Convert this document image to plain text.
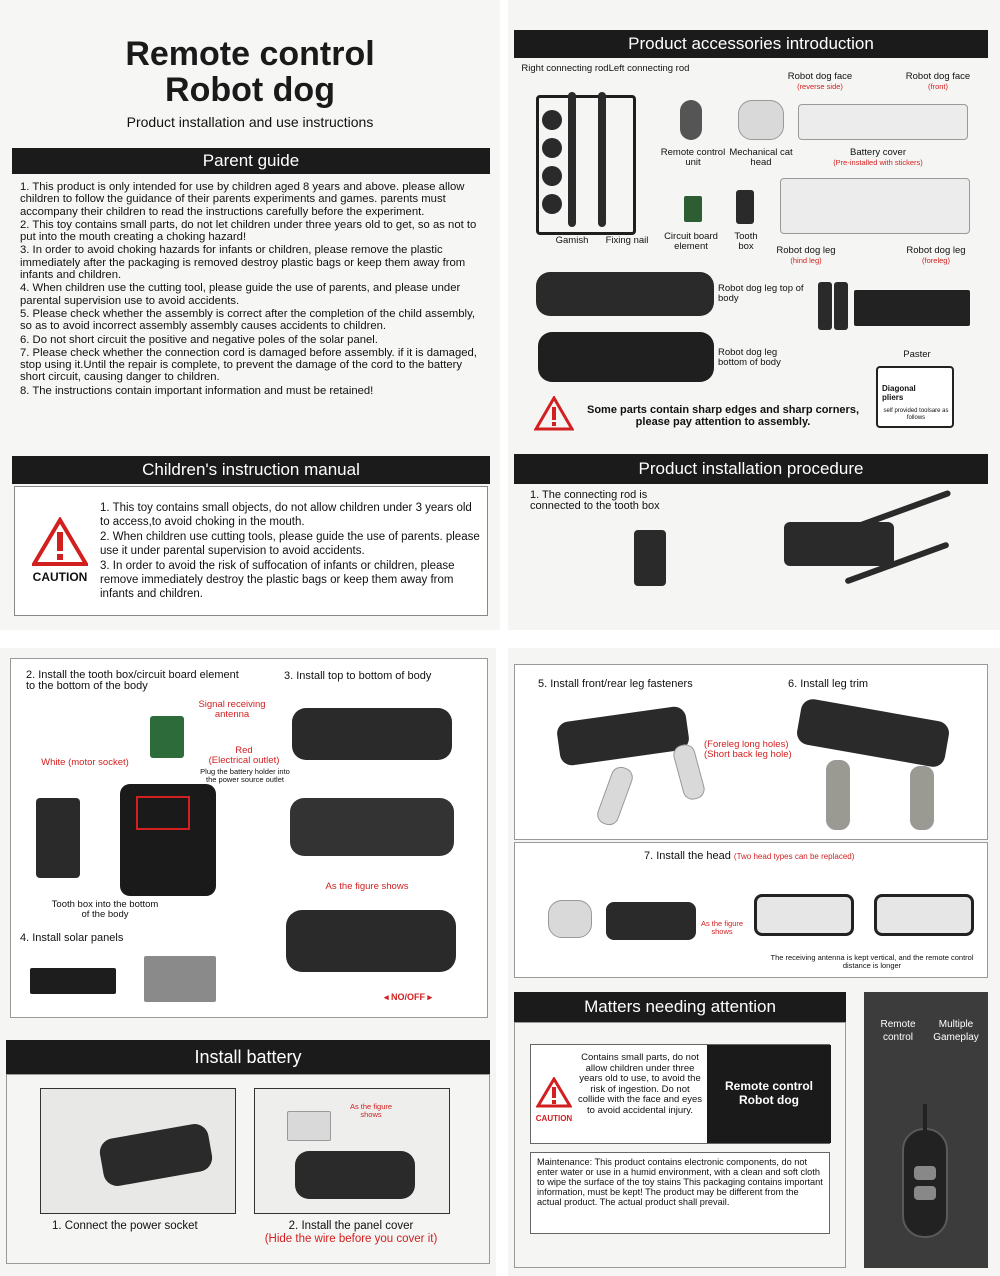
Remote control
Robot dog
Product installation and use instructions
Parent guide
1. This product is only intended for use by children aged 8 years and above. please allow children to follow the guidance of their parents experiments and games. parents must accompany their children to read the instructions carefully before the experiment.
2. This toy contains small parts, do not let children under three years old to get, so as not to put into the mouth creating a choking hazard!
3. In order to avoid choking hazards for infants or children, please remove the plastic immediately after the packaging is removed destroy plastic bags or keep them away from infants and children.
4. When children use the cutting tool, please guide the use of parents, and please under parental supervision use to avoid accidents.
5. Please check whether the assembly is correct after the completion of the child assembly, so as to avoid incorrect assembly assembly causes accidents to children.
6. Do not short circuit the positive and negative poles of the solar panel.
7. Please check whether the connection cord is damaged before assembly. if it is damaged, stop using it.Until the repair is complete, to prevent the damage of the cord to the battery short circuit, causing danger to children.
8. The instructions contain important information and must be retained!
Children's instruction manual
CAUTION
1. This toy contains small objects, do not allow children under 3 years old to access,to avoid choking in the mouth.
2. When children use cutting tools, please guide the use of parents. please use it under parental supervision to avoid accidents.
3. In order to avoid the risk of suffocation of infants or children, please remove immediately destroy the plastic bags or keep them away from infants and children.
Product accessories introduction
Right connecting rod Left connecting rod
Gamish	Fixing nail
Remote control unit
Mechanical cat head
Robot dog face
(reverse side)
Robot dog face
(front)
Battery cover
(Pre-installed with stickers)
Circuit board element
Tooth box	Robot dog leg
(hind leg)
Robot dog leg
(foreleg)
Robot dog leg top of body
Robot dog leg bottom of body
Paster
Diagonal pliers
self provided toolsare as follows
Some parts contain sharp edges and sharp corners, please pay attention to assembly.
Product installation procedure
1. The connecting rod is connected to the tooth box
2. Install the tooth box/circuit board element to the bottom of the body
3. Install top to bottom of body
Signal receiving antenna
White (motor socket)
Red
(Electrical outlet)
Plug the battery holder into the power source outlet
Tooth box into the bottom of the body
As the figure shows
◂ NO/OFF ▸
4. Install solar panels
Install battery
As the figure shows
1. Connect the power socket	2. Install the panel cover
(Hide the wire before you cover it)
5. Install front/rear leg fasteners	6. Install leg trim
(Foreleg long holes)
(Short back leg hole)
7. Install the head (Two head types can be replaced)
As the figure shows
The receiving antenna is kept vertical, and the remote control distance is longer
Matters needing attention
CAUTION
Contains small parts, do not allow children under three years old to use, to avoid the risk of ingestion. Do not collide with the face and eyes to avoid accidental injury.
Remote control
Robot dog
Maintenance: This product contains electronic components, do not enter water or use in a humid environment, with a clean and soft cloth to wipe the surface of the toy stains This packaging contains important information, must be kept! The product may be different from the actual product. The actual product shall prevail.
Remote control
Multiple Gameplay
